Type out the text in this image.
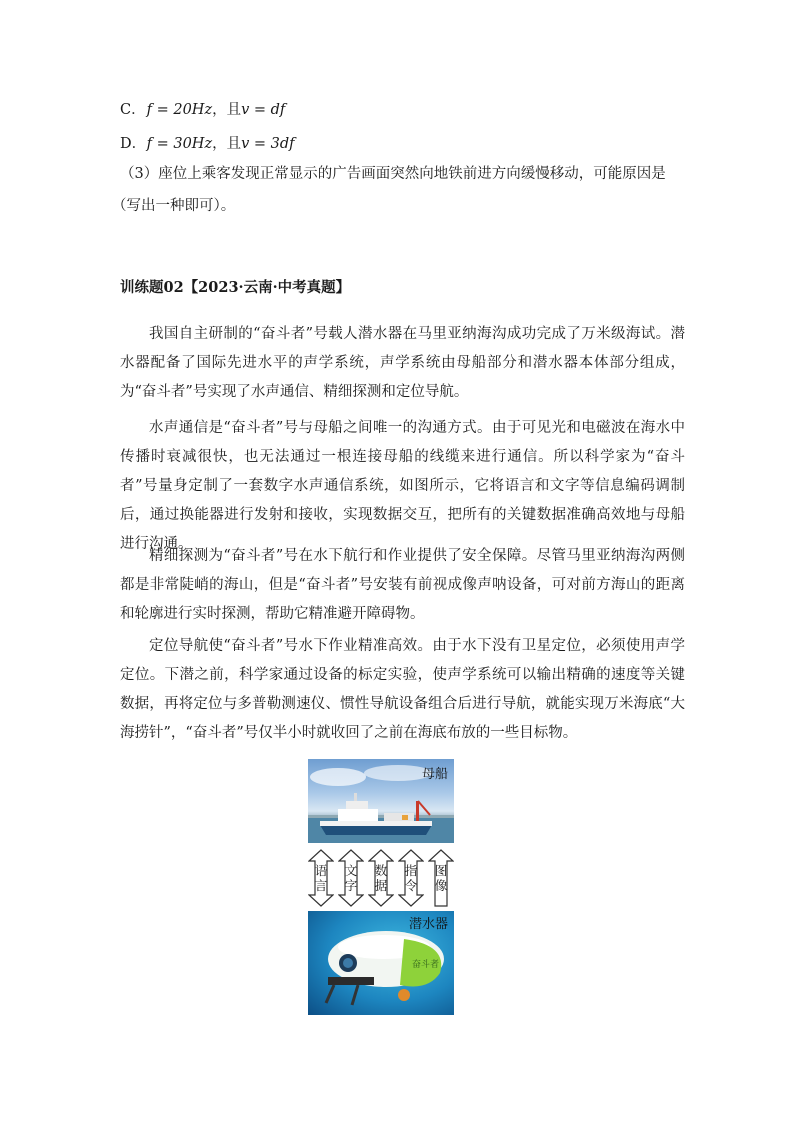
C． f = 20Hz，且v = df
D． f = 30Hz，且v = 3df
（3）座位上乘客发现正常显示的广告画面突然向地铁前进方向缓慢移动，可能原因是
（写出一种即可）。
训练题02【2023·云南·中考真题】
我国自主研制的“奋斗者”号载人潜水器在马里亚纳海沟成功完成了万米级海试。潜水器配备了国际先进水平的声学系统，声学系统由母船部分和潜水器本体部分组成，为“奋斗者”号实现了水声通信、精细探测和定位导航。
水声通信是“奋斗者”号与母船之间唯一的沟通方式。由于可见光和电磁波在海水中传播时衰减很快，也无法通过一根连接母船的线缆来进行通信。所以科学家为“奋斗者”号量身定制了一套数字水声通信系统，如图所示，它将语言和文字等信息编码调制后，通过换能器进行发射和接收，实现数据交互，把所有的关键数据准确高效地与母船进行沟通。
精细探测为“奋斗者”号在水下航行和作业提供了安全保障。尽管马里亚纳海沟两侧都是非常陡峭的海山，但是“奋斗者”号安装有前视成像声呐设备，可对前方海山的距离和轮廓进行实时探测，帮助它精准避开障碍物。
定位导航使“奋斗者”号水下作业精准高效。由于水下没有卫星定位，必须使用声学定位。下潜之前，科学家通过设备的标定实验，使声学系统可以输出精确的速度等关键数据，再将定位与多普勒测速仪、惯性导航设备组合后进行导航，就能实现万米海底“大海捞针”，“奋斗者”号仅半小时就收回了之前在海底布放的一些目标物。
母船
语言
文字
数据
指令
图像
奋斗者
潜水器
